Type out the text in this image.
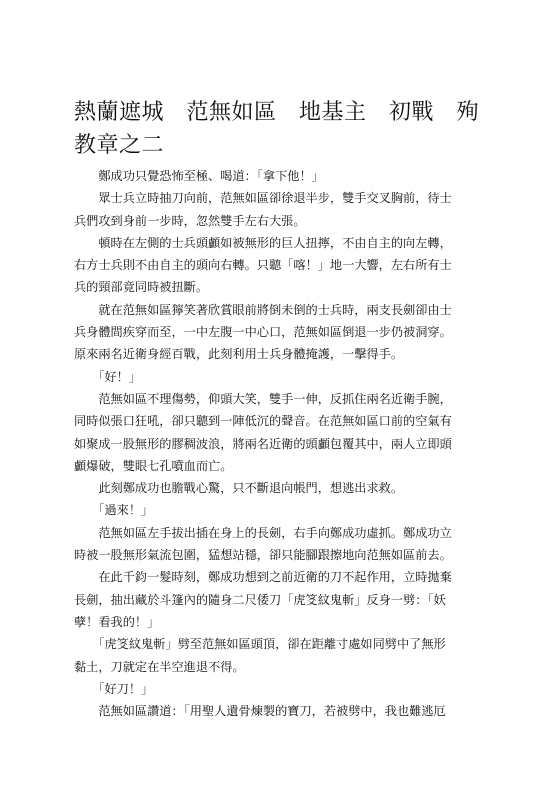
熱蘭遮城　范無如區　地基主　初戰　殉教章之二
　　鄭成功只覺恐怖至極、喝道：「拿下他！」
　　眾士兵立時抽刀向前，范無如區卻徐退半步，雙手交叉胸前，待士
兵們攻到身前一步時，忽然雙手左右大張。
　　頓時在左側的士兵頭顱如被無形的巨人扭擰，不由自主的向左轉，
右方士兵則不由自主的頭向右轉。只聽「喀！」地一大響，左右所有士
兵的頸部竟同時被扭斷。
　　就在范無如區獰笑著欣賞眼前將倒未倒的士兵時，兩支長劍卻由士
兵身體間疾穿而至，一中左腹一中心口，范無如區倒退一步仍被洞穿。
原來兩名近衛身經百戰，此刻利用士兵身體掩護，一擊得手。
　　「好！」
　　范無如區不理傷勢，仰頭大笑，雙手一伸，反抓住兩名近衛手腕，
同時似張口狂吼，卻只聽到一陣低沉的聲音。在范無如區口前的空氣有
如聚成一股無形的膠稠波浪，將兩名近衛的頭顱包覆其中，兩人立即頭
顱爆破，雙眼七孔噴血而亡。
　　此刻鄭成功也膽戰心驚，只不斷退向帳門，想逃出求救。
　　「過來！」
　　范無如區左手拔出插在身上的長劍，右手向鄭成功虛抓。鄭成功立
時被一股無形氣流包圍，猛想站穩，卻只能腳跟擦地向范無如區前去。
　　在此千鈞一髮時刻，鄭成功想到之前近衛的刀不起作用，立時拋棄
長劍，抽出藏於斗篷內的隨身二尺倭刀「虎笅紋鬼斬」反身一劈：「妖
孽！看我的！」
　　「虎笅紋鬼斬」劈至范無如區頭頂，卻在距離寸處如同劈中了無形
黏土，刀就定在半空進退不得。
　　「好刀！」
　　范無如區讚道：「用聖人遺骨煉製的寶刀，若被劈中，我也難逃厄
